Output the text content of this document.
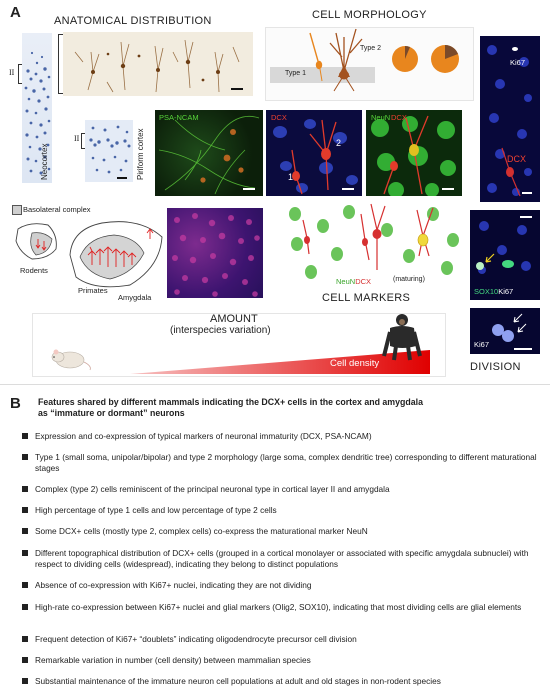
A	ANATOMICAL DISTRIBUTION
II
Neocortex
II	Piriform cortex
Basolateral complex
Rodents
Primates
Amygdala
CELL MORPHOLOGY
Type 1
Type 2
PSA-NCAM	DCX
1
2
NeuN DCX
NeuNDCX	(maturing)
CELL MARKERS
AMOUNT
(interspecies variation)
Cell density
Ki67
DCX
SOX10Ki67
Ki67
DIVISION
B Features shared by different mammals indicating the DCX+ cells in the cortex and amygdala
as “immature or dormant” neurons
Expression and co-expression of typical markers of neuronal immaturity (DCX, PSA-NCAM)
Type 1 (small soma, unipolar/bipolar) and type 2 morphology (large soma, complex dendritic tree) corresponding to different maturational stages
Complex (type 2) cells reminiscent of the principal neuronal type in cortical layer II and amygdala
High percentage of type 1 cells and low percentage of type 2 cells
Some DCX+ cells (mostly type 2, complex cells) co-express the maturational marker NeuN
Different topographical distribution of DCX+ cells (grouped in a cortical monolayer or associated with specific amygdala subnuclei) with respect to dividing cells (widespread), indicating they belong to distinct populations
Absence of co-expression with Ki67+ nuclei, indicating they are not dividing
High-rate co-expression between Ki67+ nuclei and glial markers (Olig2, SOX10), indicating that most dividing cells are glial elements
Frequent detection of Ki67+ “doublets” indicating oligodendrocyte precursor cell division
Remarkable variation in number (cell density) between mammalian species
Substantial maintenance of the immature neuron cell populations at adult and old stages in non-rodent species
